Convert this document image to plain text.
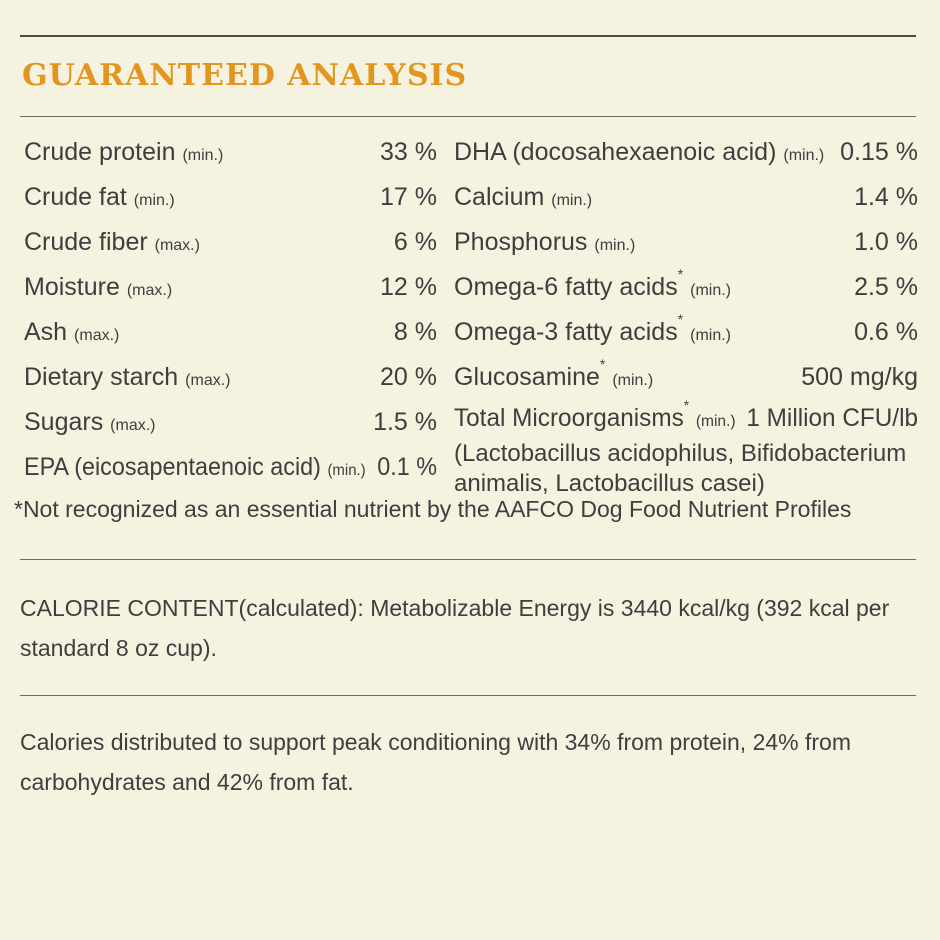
GUARANTEED ANALYSIS
Crude protein (min.)	33 %
Crude fat (min.)	17 %
Crude fiber (max.)	6 %
Moisture (max.)	12 %
Ash (max.)	8 %
Dietary starch (max.)	20 %
Sugars (max.)	1.5 %
EPA (eicosapentaenoic acid) (min.) 0.1 %
DHA (docosahexaenoic acid) (min.) 0.15 %
Calcium (min.)	1.4 %
Phosphorus (min.)	1.0 %
Omega-6 fatty acids* (min.)	2.5 %
Omega-3 fatty acids* (min.)	0.6 %
Glucosamine* (min.)	500 mg/kg
Total Microorganisms* (min.) 1 Million CFU/lb
(Lactobacillus acidophilus, Bifidobacterium
animalis, Lactobacillus casei)
*Not recognized as an essential nutrient by the AAFCO Dog Food Nutrient Profiles
CALORIE CONTENT(calculated): Metabolizable Energy is 3440 kcal/kg (392 kcal per standard 8 oz cup).
Calories distributed to support peak conditioning with 34% from protein, 24% from carbohydrates and 42% from fat.
